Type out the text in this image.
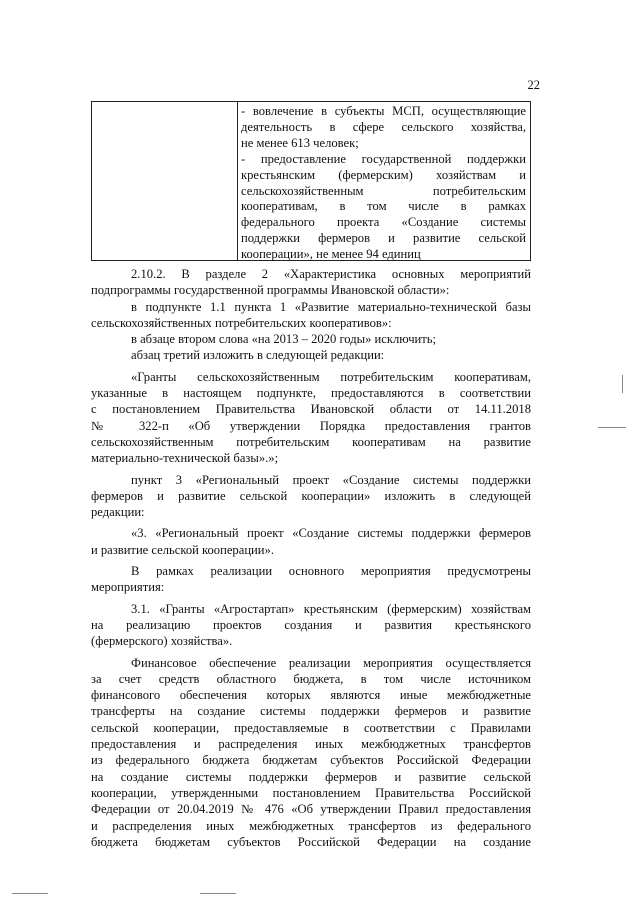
22
- вовлечение в субъекты МСП, осуществляющие
деятельность в сфере сельского хозяйства,
не менее 613 человек;
- предоставление государственной поддержки
крестьянским (фермерским) хозяйствам и
сельскохозяйственным потребительским
кооперативам, в том числе в рамках
федерального проекта «Создание системы
поддержки фермеров и развитие сельской
кооперации», не менее 94 единиц
2.10.2. В разделе 2 «Характеристика основных мероприятий
подпрограммы государственной программы Ивановской области»:
в подпункте 1.1 пункта 1 «Развитие материально-технической базы
сельскохозяйственных потребительских кооперативов»:
в абзаце втором слова «на 2013 – 2020 годы» исключить;
абзац третий изложить в следующей редакции:
«Гранты сельскохозяйственным потребительским кооперативам,
указанные в настоящем подпункте, предоставляются в соответствии
с постановлением Правительства Ивановской области от 14.11.2018
№ 322-п «Об утверждении Порядка предоставления грантов
сельскохозяйственным потребительским кооперативам на развитие
материально-технической базы».»;
пункт 3 «Региональный проект «Создание системы поддержки
фермеров и развитие сельской кооперации» изложить в следующей
редакции:
«3. «Региональный проект «Создание системы поддержки фермеров
и развитие сельской кооперации».
В рамках реализации основного мероприятия предусмотрены
мероприятия:
3.1. «Гранты «Агростартап» крестьянским (фермерским) хозяйствам
на реализацию проектов создания и развития крестьянского
(фермерского) хозяйства».
Финансовое обеспечение реализации мероприятия осуществляется
за счет средств областного бюджета, в том числе источником
финансового обеспечения которых являются иные межбюджетные
трансферты на создание системы поддержки фермеров и развитие
сельской кооперации, предоставляемые в соответствии с Правилами
предоставления и распределения иных межбюджетных трансфертов
из федерального бюджета бюджетам субъектов Российской Федерации
на создание системы поддержки фермеров и развитие сельской
кооперации, утвержденными постановлением Правительства Российской
Федерации от 20.04.2019 № 476 «Об утверждении Правил предоставления
и распределения иных межбюджетных трансфертов из федерального
бюджета бюджетам субъектов Российской Федерации на создание
